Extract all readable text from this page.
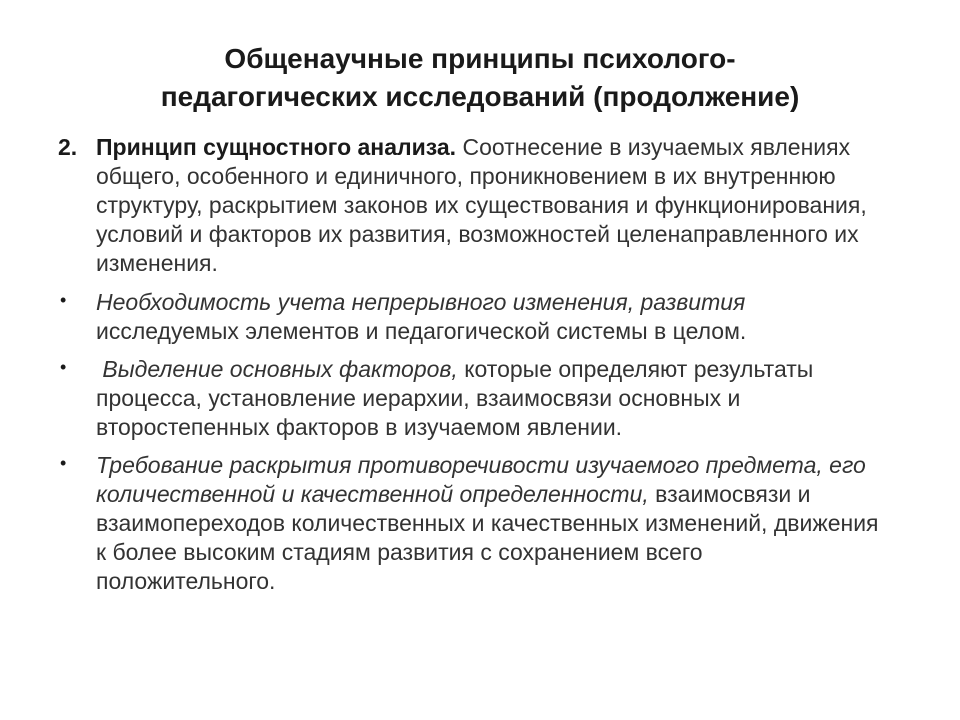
Общенаучные принципы психолого-
педагогических исследований (продолжение)

2. Принцип сущностного анализа. Соотнесение в изучаемых явлениях общего, особенного и единичного, проникновением в их внутреннюю структуру, раскрытием законов их существования и функционирования, условий и факторов их развития, возможностей целенаправленного их изменения.

• Необходимость учета непрерывного изменения, развития исследуемых элементов и педагогической системы в целом.
• Выделение основных факторов, которые определяют результаты процесса, установление иерархии, взаимосвязи основных и второстепенных факторов в изучаемом явлении.
• Требование раскрытия противоречивости изучаемого предмета, его количественной и качественной определенности, взаимосвязи и взаимопереходов количественных и качественных изменений, движения к более высоким стадиям развития с сохранением всего положительного.
